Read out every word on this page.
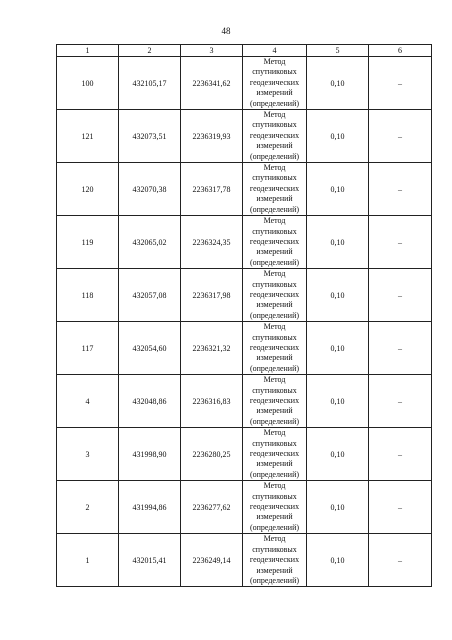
48
1	2	3	4	5	6
100	432105,17	2236341,62	Метод
спутниковых
геодезических
измерений
(определений)	0,10	–
121	432073,51	2236319,93	Метод
спутниковых
геодезических
измерений
(определений)	0,10	–
120	432070,38	2236317,78	Метод
спутниковых
геодезических
измерений
(определений)	0,10	–
119	432065,02	2236324,35	Метод
спутниковых
геодезических
измерений
(определений)	0,10	–
118	432057,08	2236317,98	Метод
спутниковых
геодезических
измерений
(определений)	0,10	–
117	432054,60	2236321,32	Метод
спутниковых
геодезических
измерений
(определений)	0,10	–
4	432048,86	2236316,83	Метод
спутниковых
геодезических
измерений
(определений)	0,10	–
3	431998,90	2236280,25	Метод
спутниковых
геодезических
измерений
(определений)	0,10	–
2	431994,86	2236277,62	Метод
спутниковых
геодезических
измерений
(определений)	0,10	–
1	432015,41	2236249,14	Метод
спутниковых
геодезических
измерений
(определений)	0,10	–
